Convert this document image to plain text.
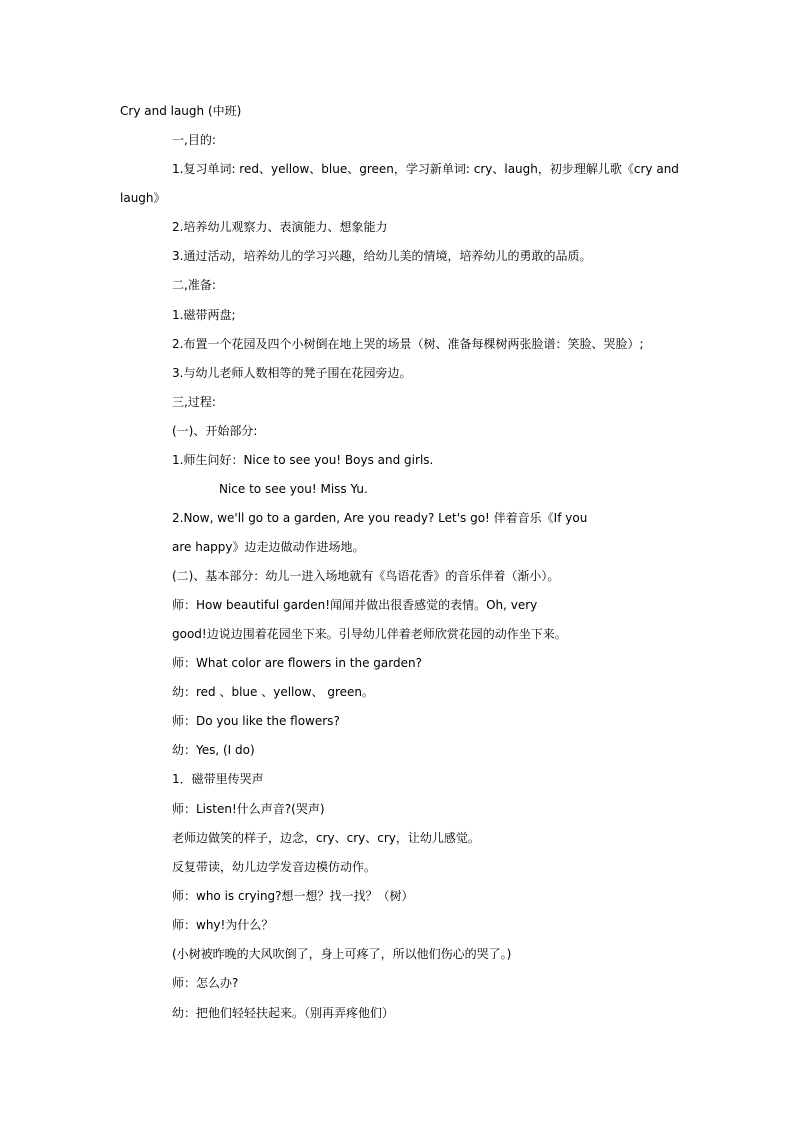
Cry and laugh (中班)
一,目的:
1.复习单词: red、yellow、blue、green，学习新单词: cry、laugh，初步理解儿歌《cry and
laugh》
2.培养幼儿观察力、表演能力、想象能力
3.通过活动，培养幼儿的学习兴趣，给幼儿美的情境，培养幼儿的勇敢的品质。
二,准备:
1.磁带两盘;
2.布置一个花园及四个小树倒在地上哭的场景（树、准备每棵树两张脸谱：笑脸、哭脸）;
3.与幼儿老师人数相等的凳子围在花园旁边。
三,过程:
(一)、开始部分:
1.师生问好：Nice to see you! Boys and girls.
Nice to see you! Miss Yu.
2.Now, we'll go to a garden, Are you ready? Let's go! 伴着音乐《If you
are happy》边走边做动作进场地。
(二)、基本部分：幼儿一进入场地就有《鸟语花香》的音乐伴着（渐小）。
师：How beautiful garden!闻闻并做出很香感觉的表情。Oh, very
good!边说边围着花园坐下来。引导幼儿伴着老师欣赏花园的动作坐下来。
师：What color are flowers in the garden?
幼：red 、blue 、yellow、 green。
师：Do you like the flowers?
幼：Yes, (I do)
1．磁带里传哭声
师：Listen!什么声音?(哭声)
老师边做笑的样子，边念，cry、cry、cry，让幼儿感觉。
反复带读，幼儿边学发音边模仿动作。
师：who is crying?想一想？找一找？（树）
师：why!为什么？
(小树被昨晚的大风吹倒了，身上可疼了，所以他们伤心的哭了。)
师：怎么办?
幼：把他们轻轻扶起来。（别再弄疼他们）
